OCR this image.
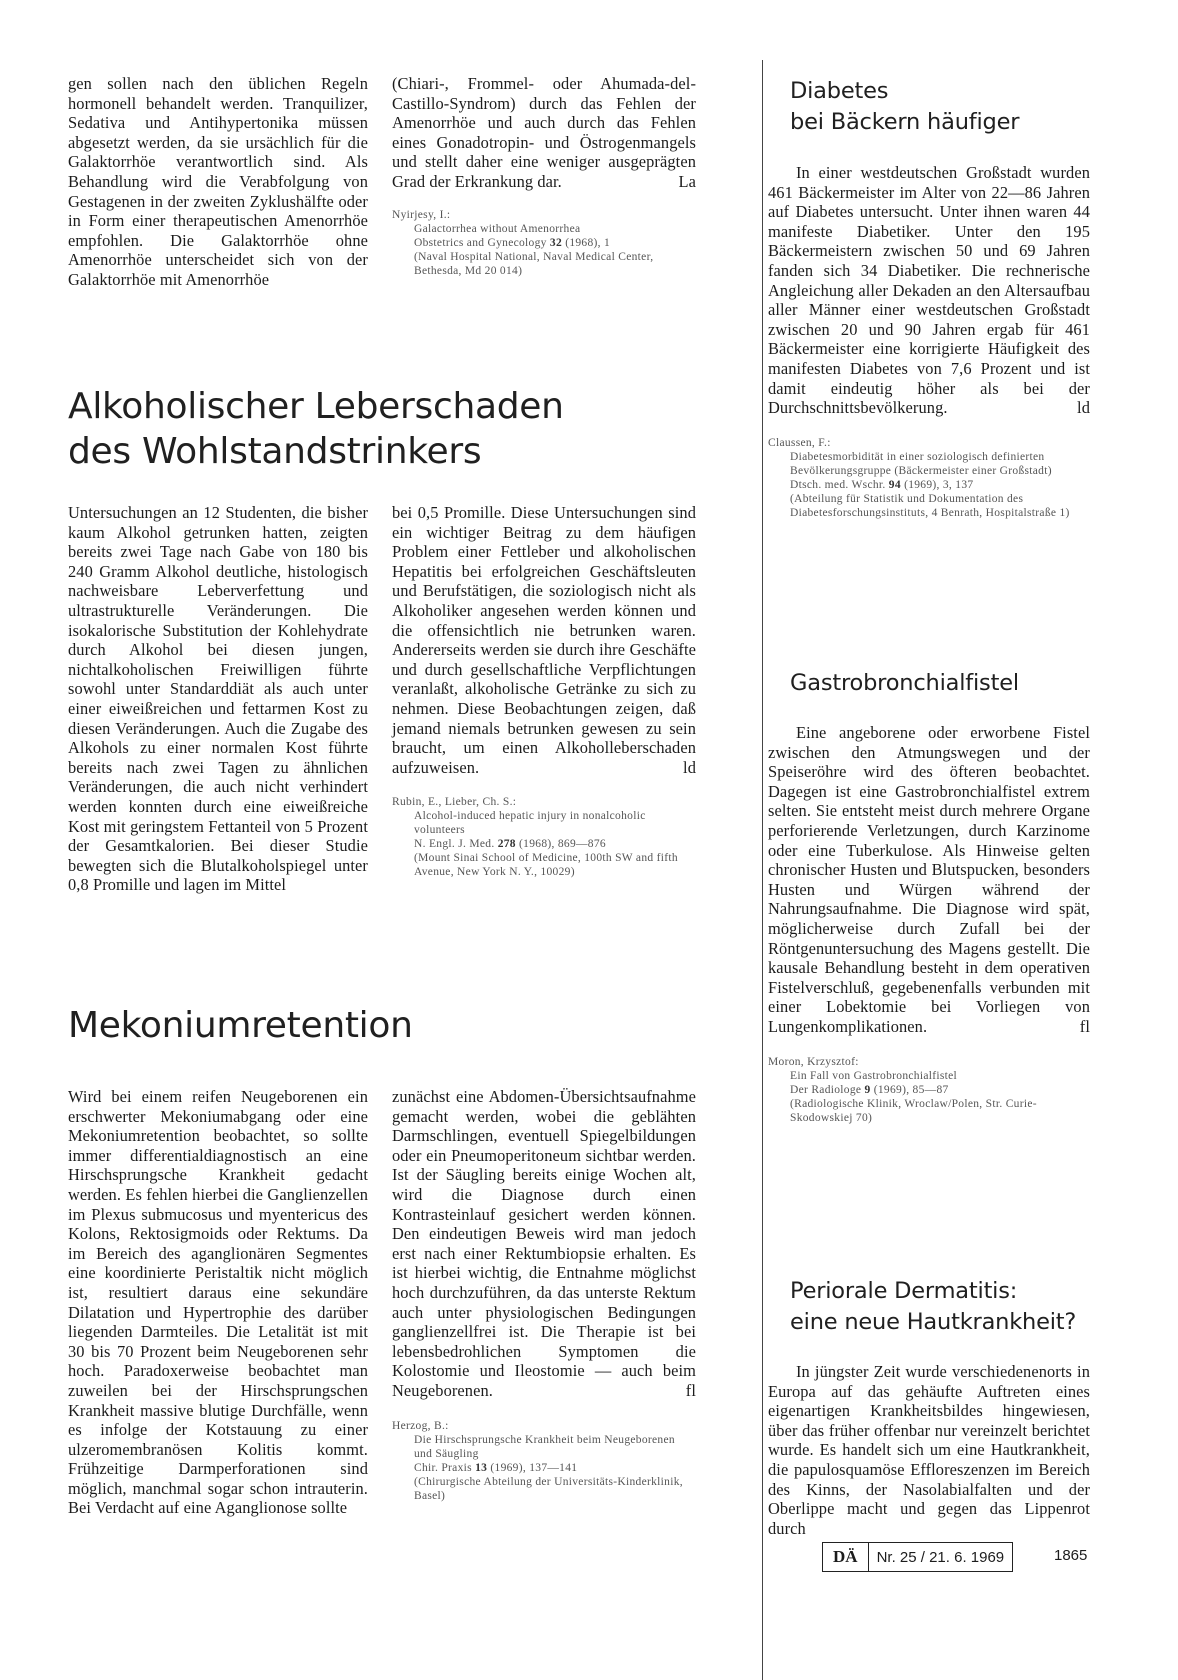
gen sollen nach den üblichen Regeln hormonell behandelt werden. Tranquilizer, Sedativa und Antihypertonika müssen abgesetzt werden, da sie ursächlich für die Galaktorrhöe verantwortlich sind. Als Behandlung wird die Verabfolgung von Gestagenen in der zweiten Zyklushälfte oder in Form einer therapeutischen Amenorrhöe empfohlen. Die Galaktorrhöe ohne Amenorrhöe unterscheidet sich von der Galaktorrhöe mit Amenorrhöe

(Chiari-, Frommel- oder Ahumada-del-Castillo-Syndrom) durch das Fehlen der Amenorrhöe und auch durch das Fehlen eines Gonadotropin- und Östrogenmangels und stellt daher eine weniger ausgeprägten Grad der Erkrankung dar.	La

Nyirjesy, I.:
Galactorrhea without Amenorrhea
Obstetrics and Gynecology 32 (1968), 1
(Naval Hospital National, Naval Medical Center, Bethesda, Md 20 014)
Alkoholischer Leberschaden
des Wohlstandstrinkers

Untersuchungen an 12 Studenten, die bisher kaum Alkohol getrunken hatten, zeigten bereits zwei Tage nach Gabe von 180 bis 240 Gramm Alkohol deutliche, histologisch nachweisbare Leberverfettung und ultrastrukturelle Veränderungen. Die isokalorische Substitution der Kohlehydrate durch Alkohol bei diesen jungen, nichtalkoholischen Freiwilligen führte sowohl unter Standarddiät als auch unter einer eiweißreichen und fettarmen Kost zu diesen Veränderungen. Auch die Zugabe des Alkohols zu einer normalen Kost führte bereits nach zwei Tagen zu ähnlichen Veränderungen, die auch nicht verhindert werden konnten durch eine eiweißreiche Kost mit geringstem Fettanteil von 5 Prozent der Gesamtkalorien. Bei dieser Studie bewegten sich die Blutalkoholspiegel unter 0,8 Promille und lagen im Mittel

bei 0,5 Promille. Diese Untersuchungen sind ein wichtiger Beitrag zu dem häufigen Problem einer Fettleber und alkoholischen Hepatitis bei erfolgreichen Geschäftsleuten und Berufstätigen, die soziologisch nicht als Alkoholiker angesehen werden können und die offensichtlich nie betrunken waren. Andererseits werden sie durch ihre Geschäfte und durch gesellschaftliche Verpflichtungen veranlaßt, alkoholische Getränke zu sich zu nehmen. Diese Beobachtungen zeigen, daß jemand niemals betrunken gewesen zu sein braucht, um einen Alkoholleberschaden aufzuweisen.	ld

Rubin, E., Lieber, Ch. S.:
Alcohol-induced hepatic injury in nonalcoholic volunteers
N. Engl. J. Med. 278 (1968), 869—876
(Mount Sinai School of Medicine, 100th SW and fifth Avenue, New York N. Y., 10029)
Mekoniumretention

Wird bei einem reifen Neugeborenen ein erschwerter Mekoniumabgang oder eine Mekoniumretention beobachtet, so sollte immer differentialdiagnostisch an eine Hirschsprungsche Krankheit gedacht werden. Es fehlen hierbei die Ganglienzellen im Plexus submucosus und myentericus des Kolons, Rektosigmoids oder Rektums. Da im Bereich des aganglionären Segmentes eine koordinierte Peristaltik nicht möglich ist, resultiert daraus eine sekundäre Dilatation und Hypertrophie des darüber liegenden Darmteiles. Die Letalität ist mit 30 bis 70 Prozent beim Neugeborenen sehr hoch. Paradoxerweise beobachtet man zuweilen bei der Hirschsprungschen Krankheit massive blutige Durchfälle, wenn es infolge der Kotstauung zu einer ulzeromembranösen Kolitis kommt. Frühzeitige Darmperforationen sind möglich, manchmal sogar schon intrauterin. Bei Verdacht auf eine Aganglionose sollte

zunächst eine Abdomen-Übersichtsaufnahme gemacht werden, wobei die geblähten Darmschlingen, eventuell Spiegelbildungen oder ein Pneumoperitoneum sichtbar werden. Ist der Säugling bereits einige Wochen alt, wird die Diagnose durch einen Kontrasteinlauf gesichert werden können. Den eindeutigen Beweis wird man jedoch erst nach einer Rektumbiopsie erhalten. Es ist hierbei wichtig, die Entnahme möglichst hoch durchzuführen, da das unterste Rektum auch unter physiologischen Bedingungen ganglienzellfrei ist. Die Therapie ist bei lebensbedrohlichen Symptomen die Kolostomie und Ileostomie — auch beim Neugeborenen.	fl

Herzog, B.:
Die Hirschsprungsche Krankheit beim Neugeborenen und Säugling
Chir. Praxis 13 (1969), 137—141
(Chirurgische Abteilung der Universitäts-Kinderklinik, Basel)
Diabetes
bei Bäckern häufiger

In einer westdeutschen Großstadt wurden 461 Bäckermeister im Alter von 22—86 Jahren auf Diabetes untersucht. Unter ihnen waren 44 manifeste Diabetiker. Unter den 195 Bäckermeistern zwischen 50 und 69 Jahren fanden sich 34 Diabetiker. Die rechnerische Angleichung aller Dekaden an den Altersaufbau aller Männer einer westdeutschen Großstadt zwischen 20 und 90 Jahren ergab für 461 Bäckermeister eine korrigierte Häufigkeit des manifesten Diabetes von 7,6 Prozent und ist damit eindeutig höher als bei der Durchschnittsbevölkerung.	ld

Claussen, F.:
Diabetesmorbidität in einer soziologisch definierten Bevölkerungsgruppe (Bäckermeister einer Großstadt)
Dtsch. med. Wschr. 94 (1969), 3, 137
(Abteilung für Statistik und Dokumentation des Diabetesforschungsinstituts, 4 Benrath, Hospitalstraße 1)
Gastrobronchialfistel

Eine angeborene oder erworbene Fistel zwischen den Atmungswegen und der Speiseröhre wird des öfteren beobachtet. Dagegen ist eine Gastrobronchialfistel extrem selten. Sie entsteht meist durch mehrere Organe perforierende Verletzungen, durch Karzinome oder eine Tuberkulose. Als Hinweise gelten chronischer Husten und Blutspucken, besonders Husten und Würgen während der Nahrungsaufnahme. Die Diagnose wird spät, möglicherweise durch Zufall bei der Röntgenuntersuchung des Magens gestellt. Die kausale Behandlung besteht in dem operativen Fistelverschluß, gegebenenfalls verbunden mit einer Lobektomie bei Vorliegen von Lungenkomplikationen.	fl

Moron, Krzysztof:
Ein Fall von Gastrobronchialfistel
Der Radiologe 9 (1969), 85—87
(Radiologische Klinik, Wroclaw/Polen, Str. Curie-Skodowskiej 70)
Periorale Dermatitis:
eine neue Hautkrankheit?

In jüngster Zeit wurde verschiedenenorts in Europa auf das gehäufte Auftreten eines eigenartigen Krankheitsbildes hingewiesen, über das früher offenbar nur vereinzelt berichtet wurde. Es handelt sich um eine Hautkrankheit, die papulosquamöse Effloreszenzen im Bereich des Kinns, der Nasolabialfalten und der Oberlippe macht und gegen das Lippenrot durch

DÄ	Nr. 25 / 21. 6. 1969	1865
